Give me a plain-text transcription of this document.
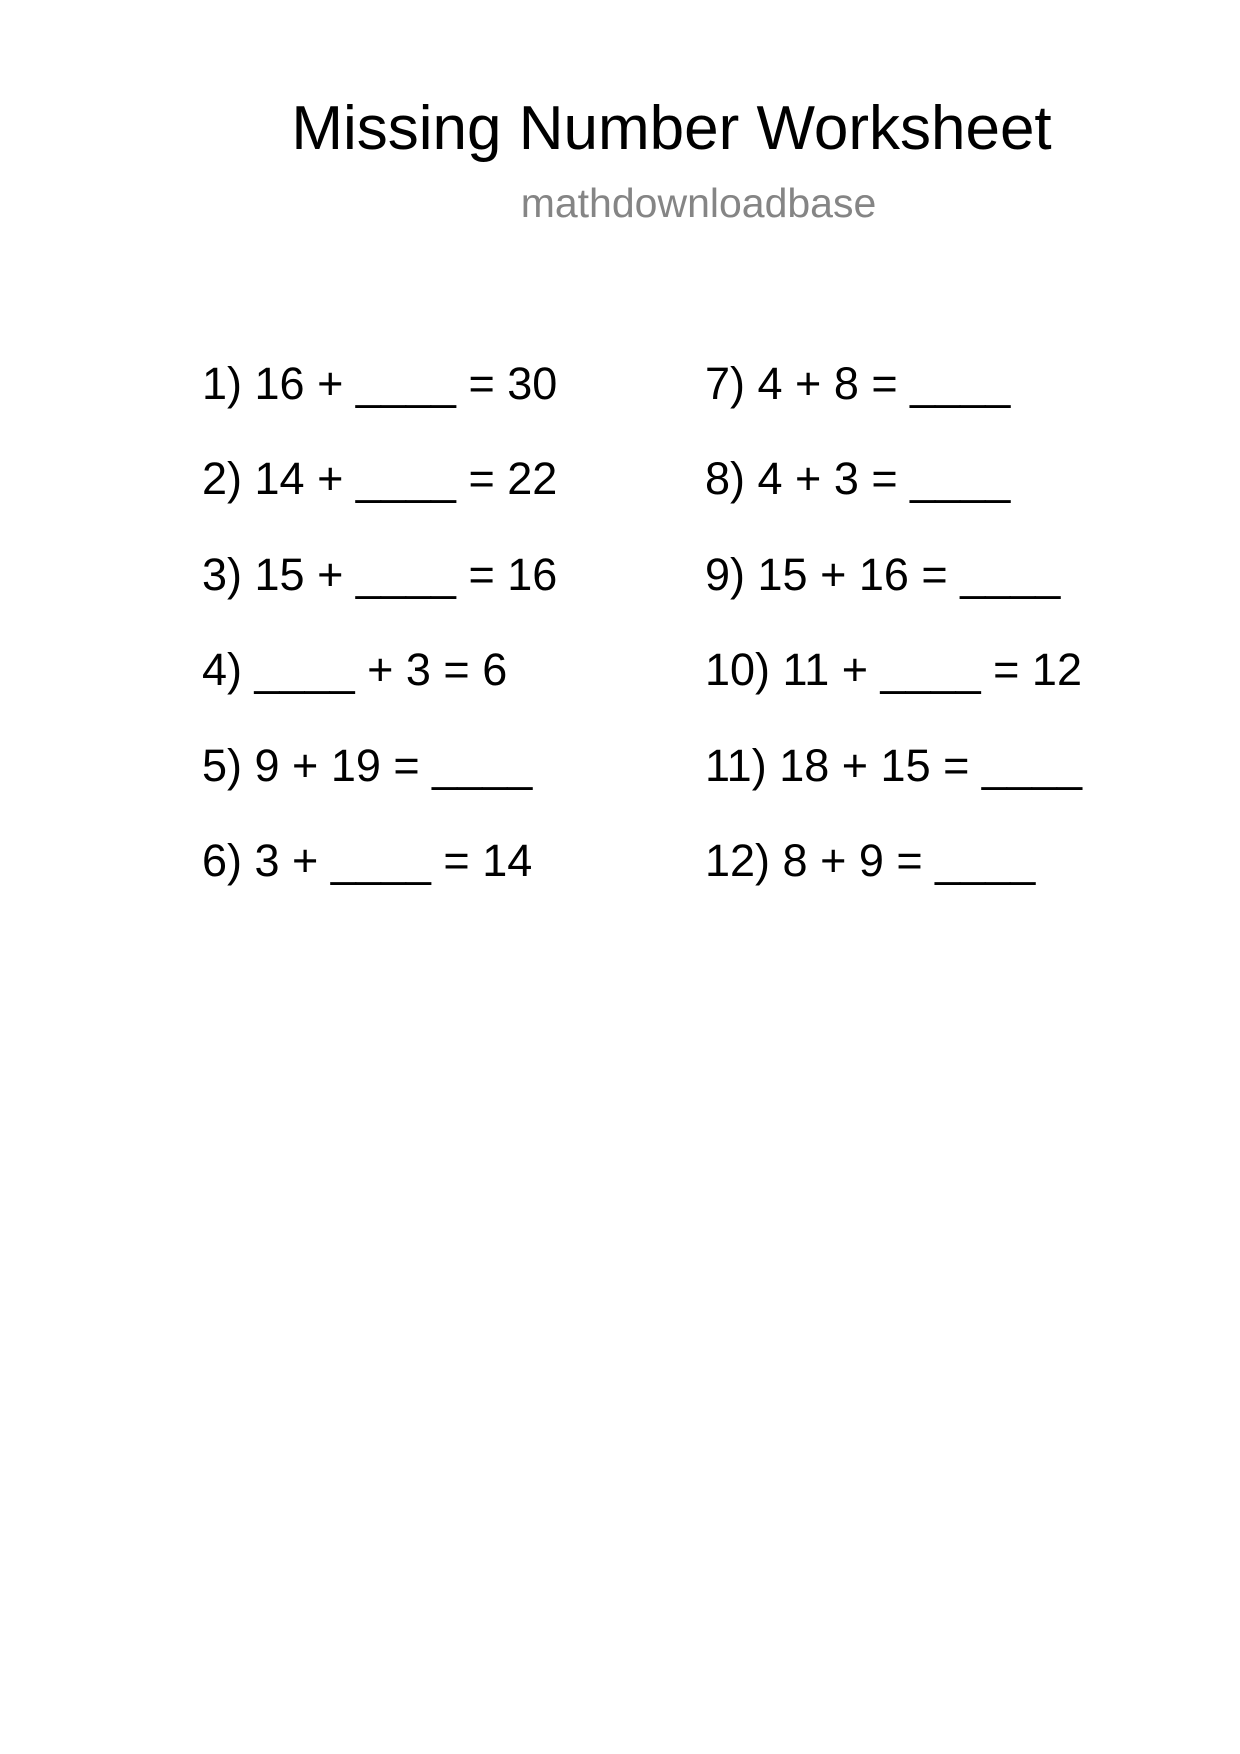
Missing Number Worksheet
mathdownloadbase
1) 16 + ____ = 30
2) 14 + ____ = 22
3) 15 + ____ = 16
4) ____ + 3 = 6
5) 9 + 19 = ____
6) 3 + ____ = 14
7) 4 + 8 = ____
8) 4 + 3 = ____
9) 15 + 16 = ____
10) 11 + ____ = 12
11) 18 + 15 = ____
12) 8 + 9 = ____
